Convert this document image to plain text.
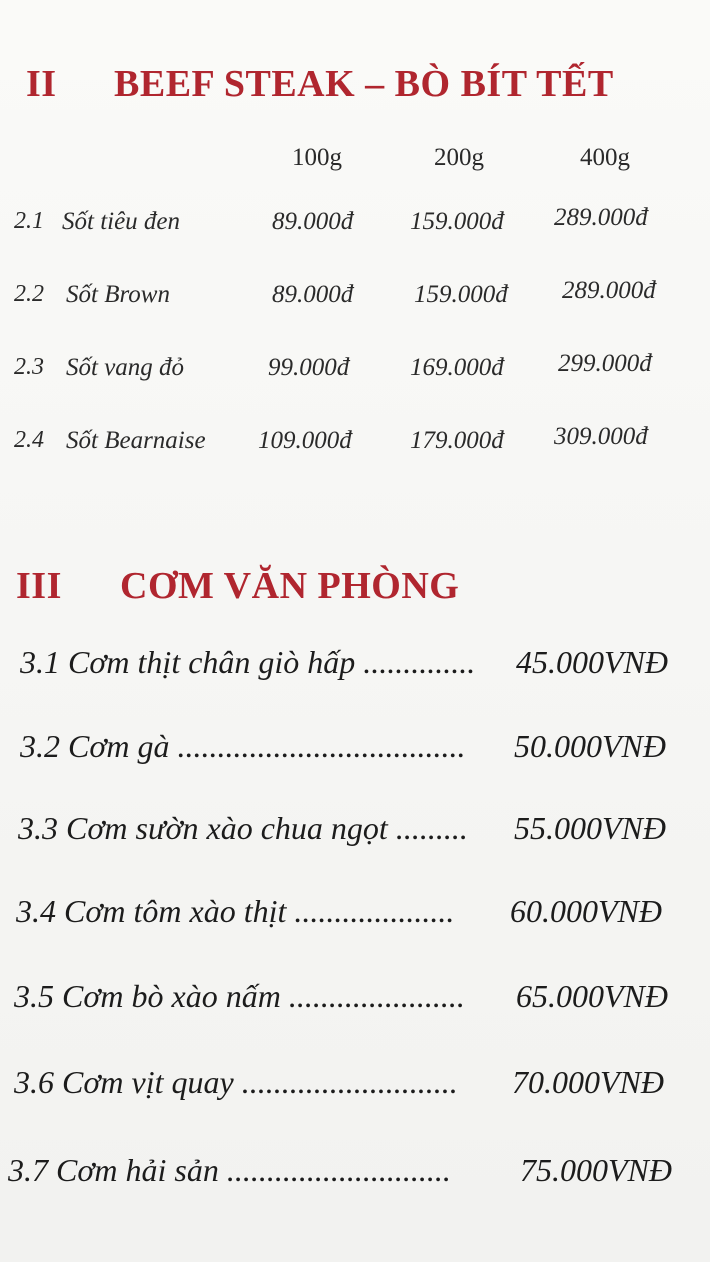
II BEEF STEAK – BÒ BÍT TẾT
100g	200g	400g
2.1 Sốt tiêu đen	89.000đ 159.000đ 289.000đ
2.2 Sốt Brown	89.000đ 159.000đ 289.000đ
2.3 Sốt vang đỏ	99.000đ 169.000đ 299.000đ
2.4 Sốt Bearnaise 109.000đ 179.000đ 309.000đ
III CƠM VĂN PHÒNG
3.1 Cơm thịt chân giò hấp .............. 45.000VNĐ
3.2 Cơm gà .................................... 50.000VNĐ
3.3 Cơm sườn xào chua ngọt ......... 55.000VNĐ
3.4 Cơm tôm xào thịt .................... 60.000VNĐ
3.5 Cơm bò xào nấm ...................... 65.000VNĐ
3.6 Cơm vịt quay ........................... 70.000VNĐ
3.7 Cơm hải sản ............................ 75.000VNĐ
